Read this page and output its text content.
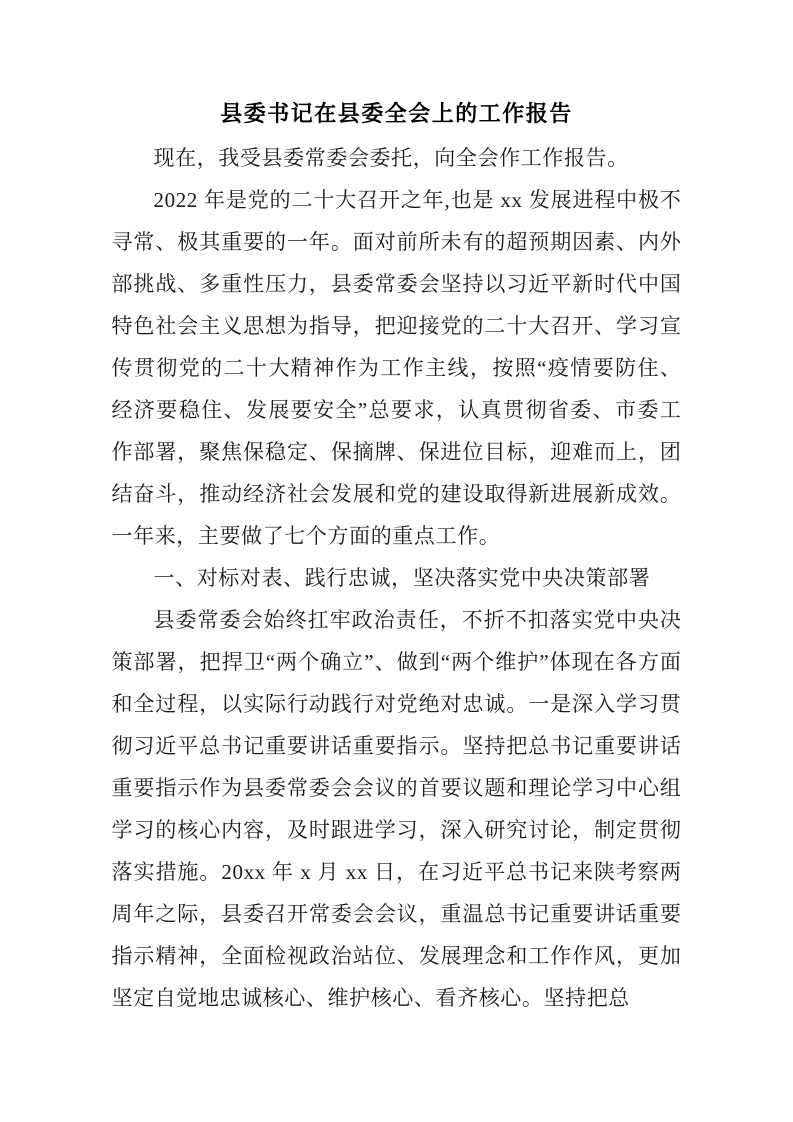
县委书记在县委全会上的工作报告

现在，我受县委常委会委托，向全会作工作报告。

2022 年是党的二十大召开之年,也是 xx 发展进程中极不寻常、极其重要的一年。面对前所未有的超预期因素、内外部挑战、多重性压力，县委常委会坚持以习近平新时代中国特色社会主义思想为指导，把迎接党的二十大召开、学习宣传贯彻党的二十大精神作为工作主线，按照“疫情要防住、经济要稳住、发展要安全”总要求，认真贯彻省委、市委工作部署，聚焦保稳定、保摘牌、保进位目标，迎难而上，团结奋斗，推动经济社会发展和党的建设取得新进展新成效。一年来，主要做了七个方面的重点工作。

一、对标对表、践行忠诚，坚决落实党中央决策部署

县委常委会始终扛牢政治责任，不折不扣落实党中央决策部署，把捍卫“两个确立”、做到“两个维护”体现在各方面和全过程，以实际行动践行对党绝对忠诚。一是深入学习贯彻习近平总书记重要讲话重要指示。坚持把总书记重要讲话重要指示作为县委常委会会议的首要议题和理论学习中心组学习的核心内容，及时跟进学习，深入研究讨论，制定贯彻落实措施。20xx 年 x 月 xx 日，在习近平总书记来陕考察两周年之际，县委召开常委会会议，重温总书记重要讲话重要指示精神，全面检视政治站位、发展理念和工作作风，更加坚定自觉地忠诚核心、维护核心、看齐核心。坚持把总
